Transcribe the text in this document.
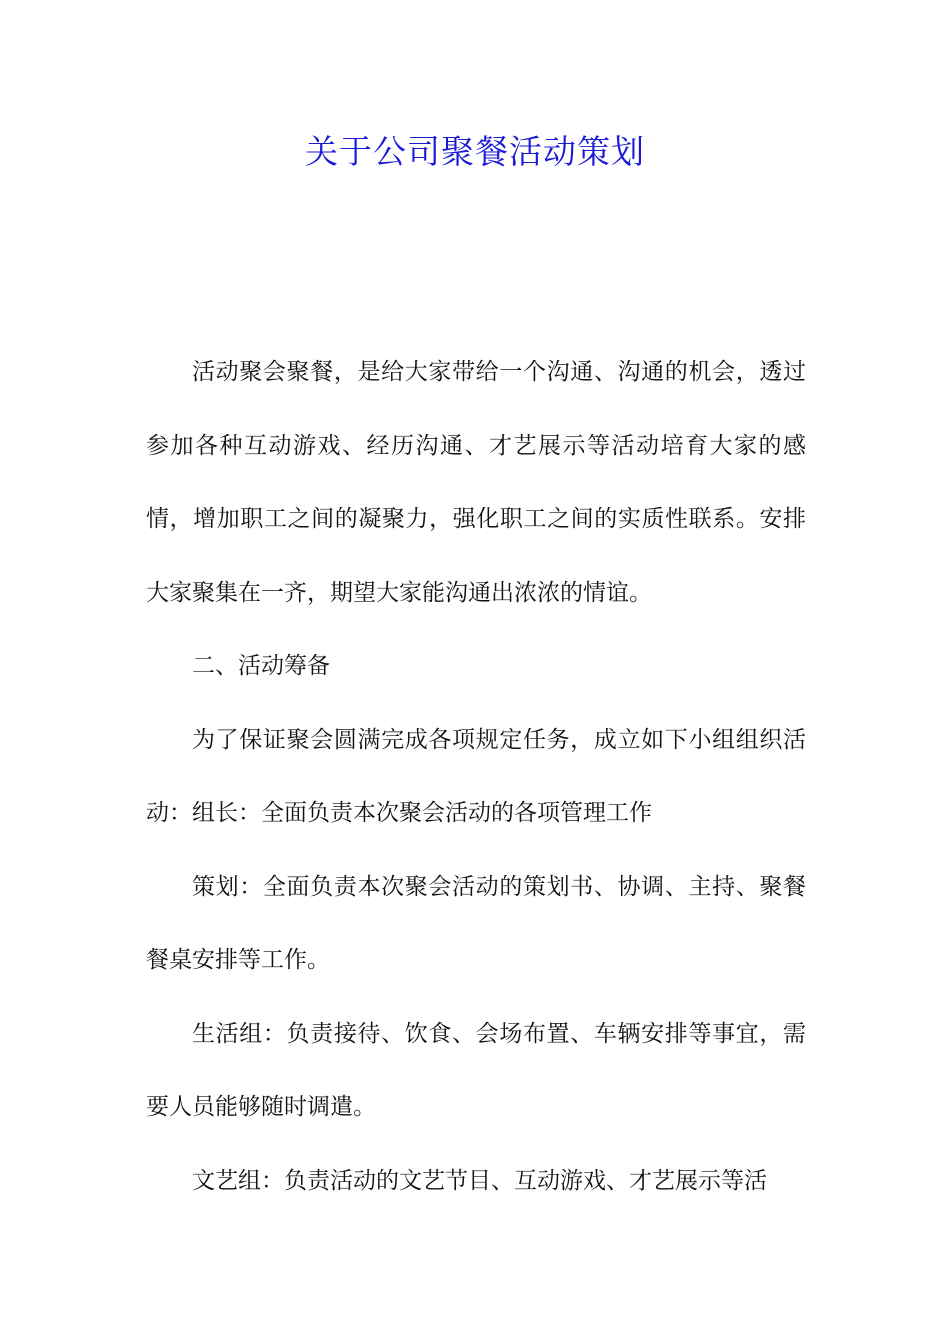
关于公司聚餐活动策划

活动聚会聚餐，是给大家带给一个沟通、沟通的机会，透过参加各种互动游戏、经历沟通、才艺展示等活动培育大家的感情，增加职工之间的凝聚力，强化职工之间的实质性联系。安排大家聚集在一齐，期望大家能沟通出浓浓的情谊。

二、活动筹备

为了保证聚会圆满完成各项规定任务，成立如下小组组织活动：组长：全面负责本次聚会活动的各项管理工作

策划：全面负责本次聚会活动的策划书、协调、主持、聚餐餐桌安排等工作。

生活组：负责接待、饮食、会场布置、车辆安排等事宜，需要人员能够随时调遣。

文艺组：负责活动的文艺节目、互动游戏、才艺展示等活
